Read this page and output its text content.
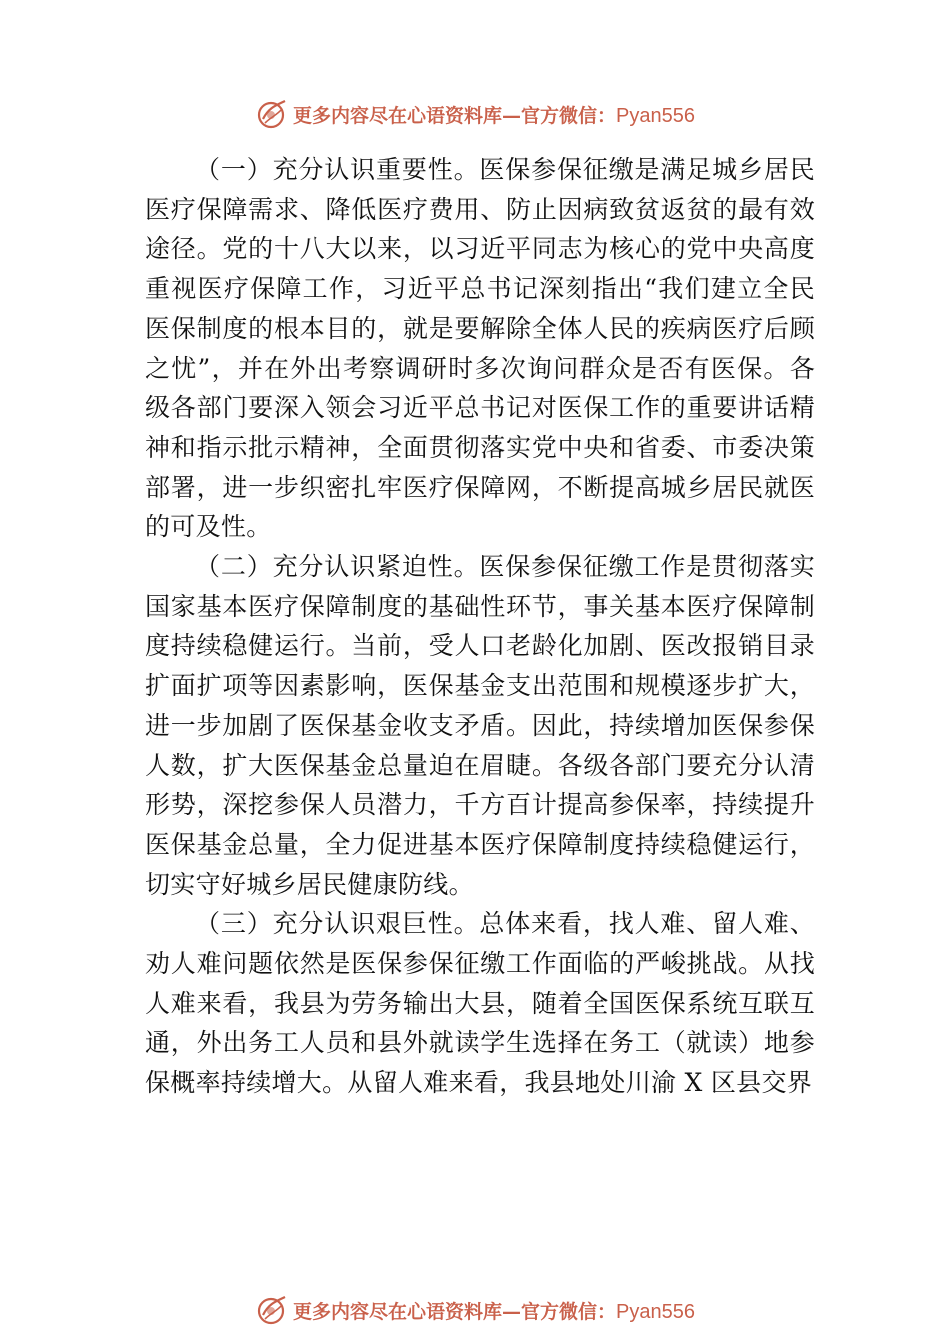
更多内容尽在心语资料库—官方微信：Pyan556

（一）充分认识重要性。医保参保征缴是满足城乡居民医疗保障需求、降低医疗费用、防止因病致贫返贫的最有效途径。党的十八大以来，以习近平同志为核心的党中央高度重视医疗保障工作，习近平总书记深刻指出“我们建立全民医保制度的根本目的，就是要解除全体人民的疾病医疗后顾之忧”，并在外出考察调研时多次询问群众是否有医保。各级各部门要深入领会习近平总书记对医保工作的重要讲话精神和指示批示精神，全面贯彻落实党中央和省委、市委决策部署，进一步织密扎牢医疗保障网，不断提高城乡居民就医的可及性。

（二）充分认识紧迫性。医保参保征缴工作是贯彻落实国家基本医疗保障制度的基础性环节，事关基本医疗保障制度持续稳健运行。当前，受人口老龄化加剧、医改报销目录扩面扩项等因素影响，医保基金支出范围和规模逐步扩大， 进一步加剧了医保基金收支矛盾。因此，持续增加医保参保人数，扩大医保基金总量迫在眉睫。各级各部门要充分认清形势，深挖参保人员潜力，千方百计提高参保率，持续提升医保基金总量，全力促进基本医疗保障制度持续稳健运行， 切实守好城乡居民健康防线。

（三）充分认识艰巨性。总体来看，找人难、留人难、劝人难问题依然是医保参保征缴工作面临的严峻挑战。从找人难来看，我县为劳务输出大县，随着全国医保系统互联互通，外出务工人员和县外就读学生选择在务工（就读）地参保概率持续增大。从留人难来看，我县地处川渝 X 区县交界

更多内容尽在心语资料库—官方微信：Pyan556
